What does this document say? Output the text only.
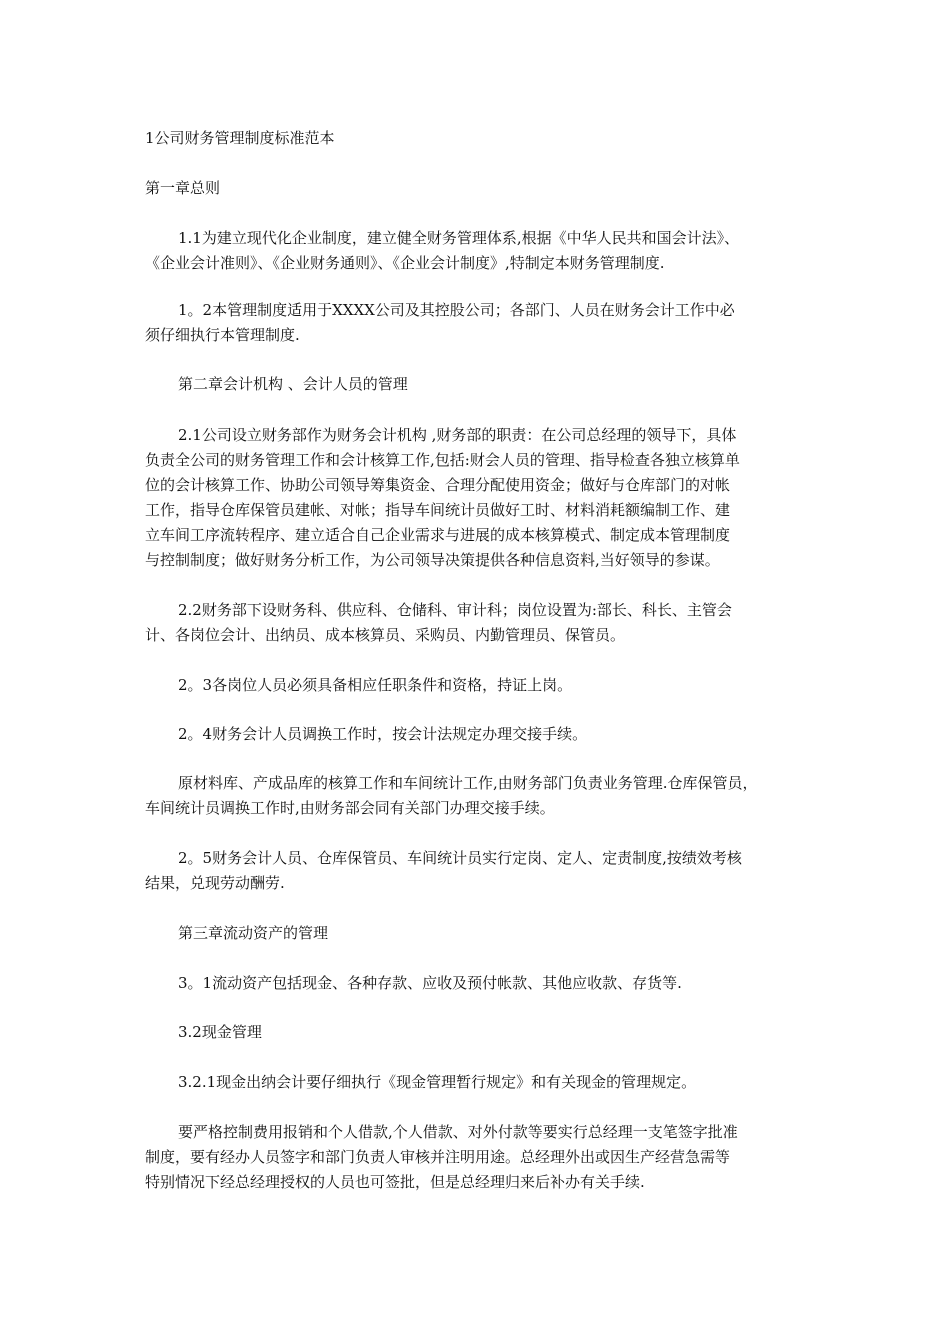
1公司财务管理制度标准范本
第一章总则
1.1为建立现代化企业制度，建立健全财务管理体系,根据《中华人民共和国会计法》、
《企业会计准则》、《企业财务通则》、《企业会计制度》,特制定本财务管理制度.
1。2本管理制度适用于XXXX公司及其控股公司；各部门、人员在财务会计工作中必
须仔细执行本管理制度.
第二章会计机构 、会计人员的管理
2.1公司设立财务部作为财务会计机构 ,财务部的职责：在公司总经理的领导下，具体
负责全公司的财务管理工作和会计核算工作,包括:财会人员的管理、指导检查各独立核算单
位的会计核算工作、协助公司领导筹集资金、合理分配使用资金；做好与仓库部门的对帐
工作，指导仓库保管员建帐、对帐；指导车间统计员做好工时、材料消耗额编制工作、建
立车间工序流转程序、建立适合自己企业需求与进展的成本核算模式、制定成本管理制度
与控制制度；做好财务分析工作，为公司领导决策提供各种信息资料,当好领导的参谋。
2.2财务部下设财务科、供应科、仓储科、审计科；岗位设置为:部长、科长、主管会
计、各岗位会计、出纳员、成本核算员、采购员、内勤管理员、保管员。
2。3各岗位人员必须具备相应任职条件和资格，持证上岗。
2。4财务会计人员调换工作时，按会计法规定办理交接手续。
原材料库、产成品库的核算工作和车间统计工作,由财务部门负责业务管理.仓库保管员，
车间统计员调换工作时,由财务部会同有关部门办理交接手续。
2。5财务会计人员、仓库保管员、车间统计员实行定岗、定人、定责制度,按绩效考核
结果，兑现劳动酬劳.
第三章流动资产的管理
3。1流动资产包括现金、各种存款、应收及预付帐款、其他应收款、存货等.
3.2现金管理
3.2.1现金出纳会计要仔细执行《现金管理暂行规定》和有关现金的管理规定。
要严格控制费用报销和个人借款,个人借款、对外付款等要实行总经理一支笔签字批准
制度，要有经办人员签字和部门负责人审核并注明用途。总经理外出或因生产经营急需等
特别情况下经总经理授权的人员也可签批，但是总经理归来后补办有关手续.
